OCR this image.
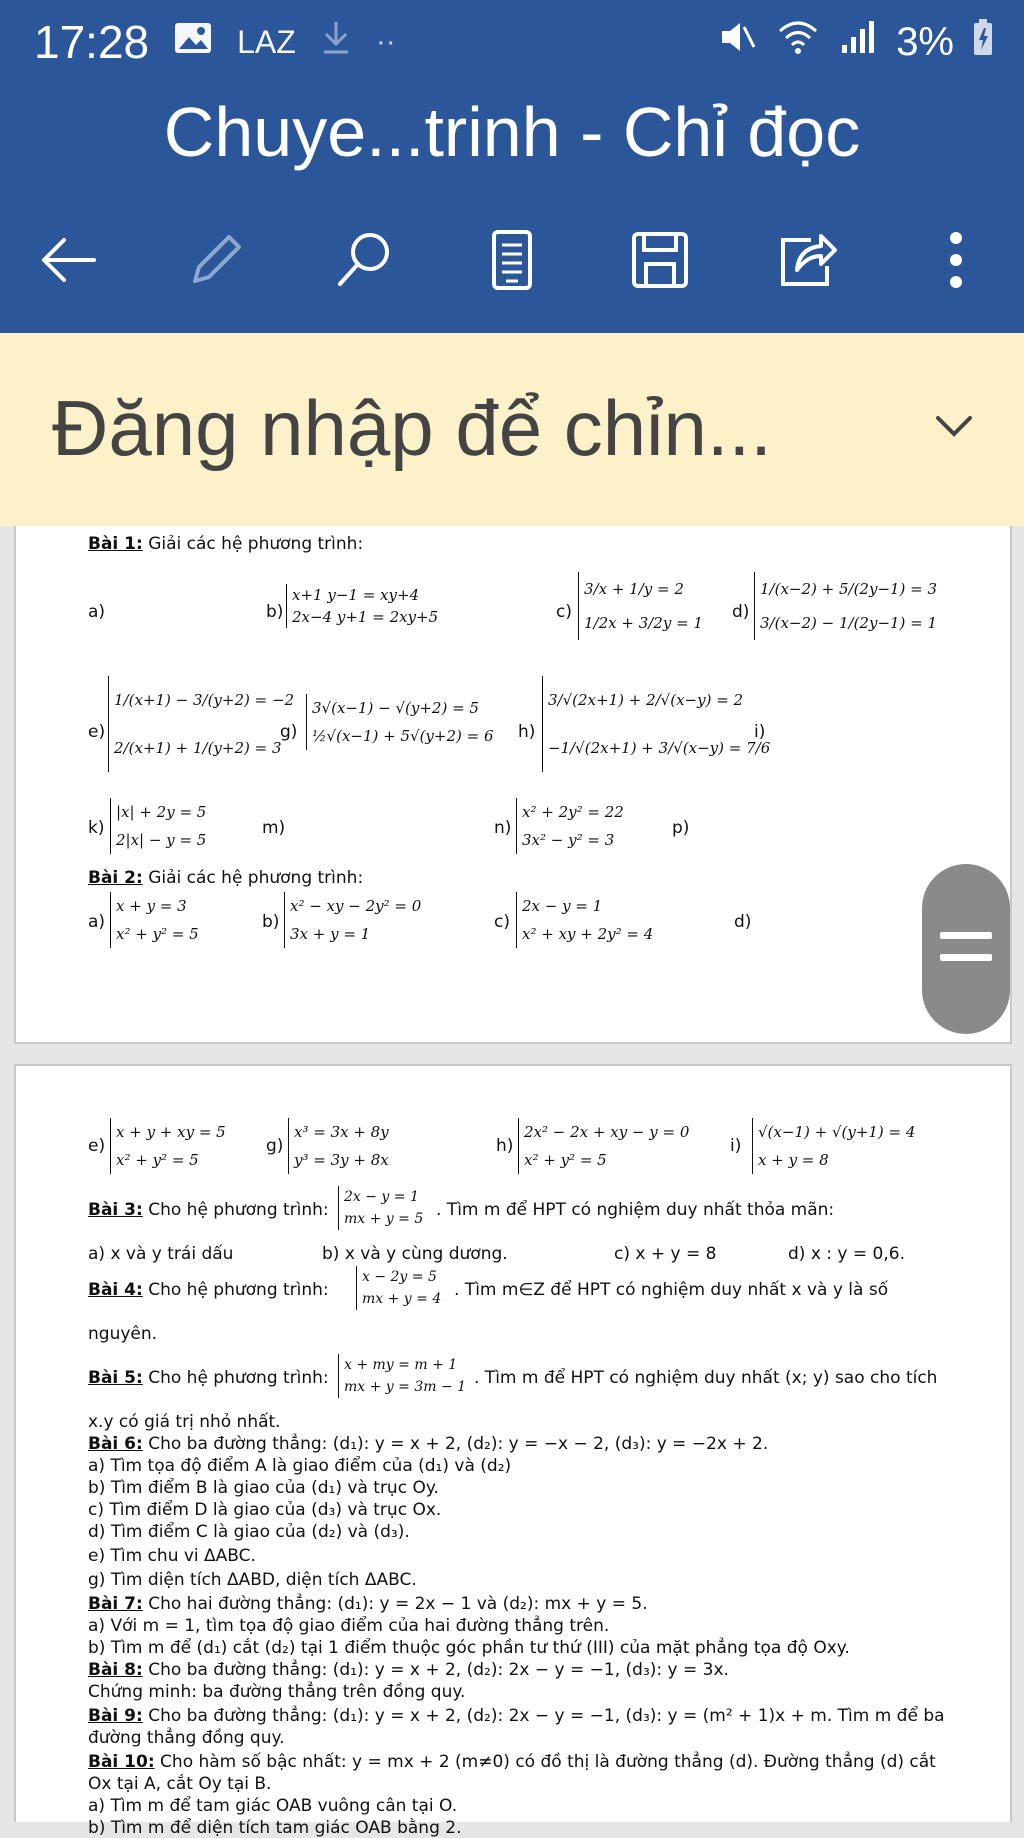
17:28	LAZ	··	3%
Chuye...trinh - Chỉ đọc
Đăng nhập để chỉn...
Bài 1: Giải các hệ phương trình:
a)	b)
x+1 y−1 = xy+4
2x−4 y+1 = 2xy+5	c)
3/x + 1/y = 2
1/2x + 3/2y = 1
d)
1/(x−2) + 5/(2y−1) = 3
3/(x−2) − 1/(2y−1) = 1
e)
1/(x+1) − 3/(y+2) = −2
2/(x+1) + 1/(y+2) = 3
g)
3√(x−1) − √(y+2) = 5
½√(x−1) + 5√(y+2) = 6 h)
3/√(2x+1) + 2/√(x−y) = 2
−1/√(2x+1) + 3/√(x−y) = 7/6
i)
k)
|x| + 2y = 5
2|x| − y = 5
m)	n)
x² + 2y² = 22
3x² − y² = 3
p)
Bài 2: Giải các hệ phương trình:
a)
x + y = 3
x² + y² = 5
b)
x² − xy − 2y² = 0
3x + y = 1
c)
2x − y = 1
x² + xy + 2y² = 4
d)
e)
x + y + xy = 5
x² + y² = 5
g)
x³ = 3x + 8y
y³ = 3y + 8x
h)
2x² − 2x + xy − y = 0
x² + y² = 5
i)
√(x−1) + √(y+1) = 4
x + y = 8
Bài 3: Cho hệ phương trình:
2x − y = 1
mx + y = 5 . Tìm m để HPT có nghiệm duy nhất thỏa mãn:
a) x và y trái dấu	b) x và y cùng dương.	c) x + y = 8	d) x : y = 0,6.
Bài 4: Cho hệ phương trình:
x − 2y = 5
mx + y = 4 . Tìm m∈Z để HPT có nghiệm duy nhất x và y là số
nguyên.
Bài 5: Cho hệ phương trình:
x + my = m + 1
mx + y = 3m − 1 . Tìm m để HPT có nghiệm duy nhất (x; y) sao cho tích
x.y có giá trị nhỏ nhất.
Bài 6: Cho ba đường thẳng: (d₁): y = x + 2, (d₂): y = −x − 2, (d₃): y = −2x + 2.
a) Tìm tọa độ điểm A là giao điểm của (d₁) và (d₂)
b) Tìm điểm B là giao của (d₁) và trục Oy.
c) Tìm điểm D là giao của (d₃) và trục Ox.
d) Tìm điểm C là giao của (d₂) và (d₃).
e) Tìm chu vi ΔABC.
g) Tìm diện tích ΔABD, diện tích ΔABC.
Bài 7: Cho hai đường thẳng: (d₁): y = 2x − 1 và (d₂): mx + y = 5.
a) Với m = 1, tìm tọa độ giao điểm của hai đường thẳng trên.
b) Tìm m để (d₁) cắt (d₂) tại 1 điểm thuộc góc phần tư thứ (III) của mặt phẳng tọa độ Oxy.
Bài 8: Cho ba đường thẳng: (d₁): y = x + 2, (d₂): 2x − y = −1, (d₃): y = 3x.
Chứng minh: ba đường thẳng trên đồng quy.
Bài 9: Cho ba đường thẳng: (d₁): y = x + 2, (d₂): 2x − y = −1, (d₃): y = (m² + 1)x + m. Tìm m để ba
đường thẳng đồng quy.
Bài 10: Cho hàm số bậc nhất: y = mx + 2 (m≠0) có đồ thị là đường thẳng (d). Đường thẳng (d) cắt
Ox tại A, cắt Oy tại B.
a) Tìm m để tam giác OAB vuông cân tại O.
b) Tìm m để diện tích tam giác OAB bằng 2.
